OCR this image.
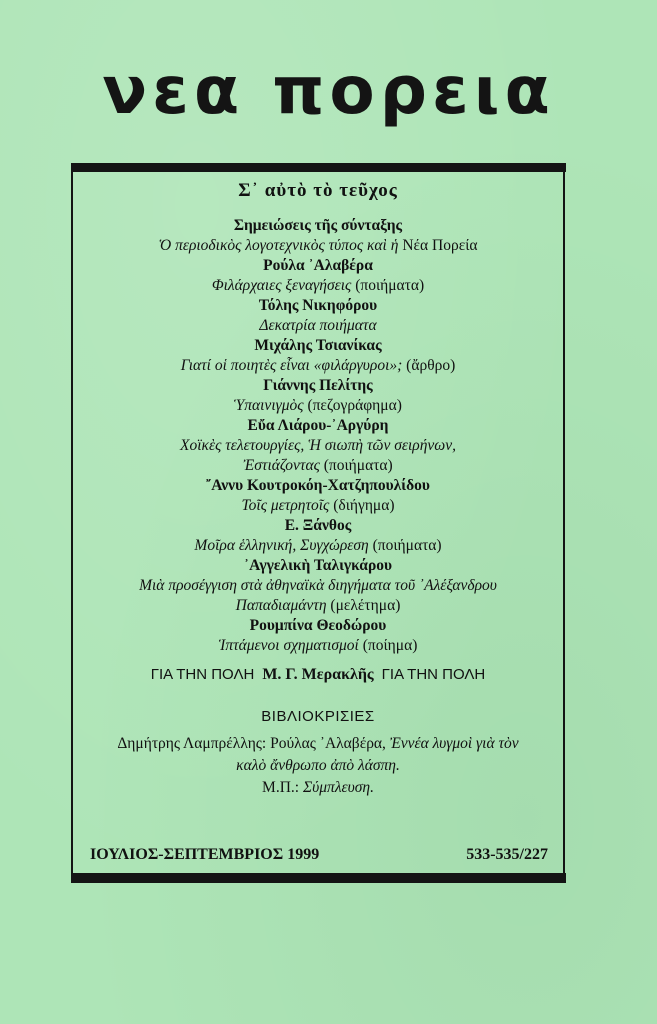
νεα πορεια
Σ᾿ αὐτὸ τὸ τεῦχος
Σημειώσεις τῆς σύνταξης
Ὁ περιοδικὸς λογοτεχνικὸς τύπος καὶ ἡ Νέα Πορεία
Ρούλα ᾿Αλαβέρα
Φιλάρχαιες ξεναγήσεις (ποιήματα)
Τόλης Νικηφόρου
Δεκατρία ποιήματα
Μιχάλης Τσιανίκας
Γιατί οἱ ποιητὲς εἶναι «φιλάργυροι»; (ἄρθρο)
Γιάννης Πελίτης
Ὑπαινιγμὸς (πεζογράφημα)
Εὔα Λιάρου-᾿Αργύρη
Χοϊκὲς τελετουργίες, Ἡ σιωπὴ τῶν σειρήνων,
Ἐστιάζοντας (ποιήματα)
῎Αννυ Κουτροκόη-Χατζηπουλίδου
Τοῖς μετρητοῖς (διήγημα)
Ε. Ξάνθος
Μοῖρα ἑλληνική, Συγχώρεση (ποιήματα)
᾿Αγγελικὴ Ταλιγκάρου
Μιὰ προσέγγιση στὰ ἀθηναϊκὰ διηγήματα τοῦ ᾿Αλέξανδρου
Παπαδιαμάντη (μελέτημα)
Ρουμπίνα Θεοδώρου
Ἱπτάμενοι σχηματισμοί (ποίημα)
ΓΙΑ ΤΗΝ ΠΟΛΗ Μ. Γ. Μερακλῆς ΓΙΑ ΤΗΝ ΠΟΛΗ
ΒΙΒΛΙΟΚΡΙΣΙΕΣ
Δημήτρης Λαμπρέλλης: Ρούλας ᾿Αλαβέρα, Ἐννέα λυγμοὶ γιὰ τὸν
καλὸ ἄνθρωπο ἀπὸ λάσπη.
Μ.Π.: Σύμπλευση.
ΙΟΥΛΙΟΣ-ΣΕΠΤΕΜΒΡΙΟΣ 1999	533-535/227
